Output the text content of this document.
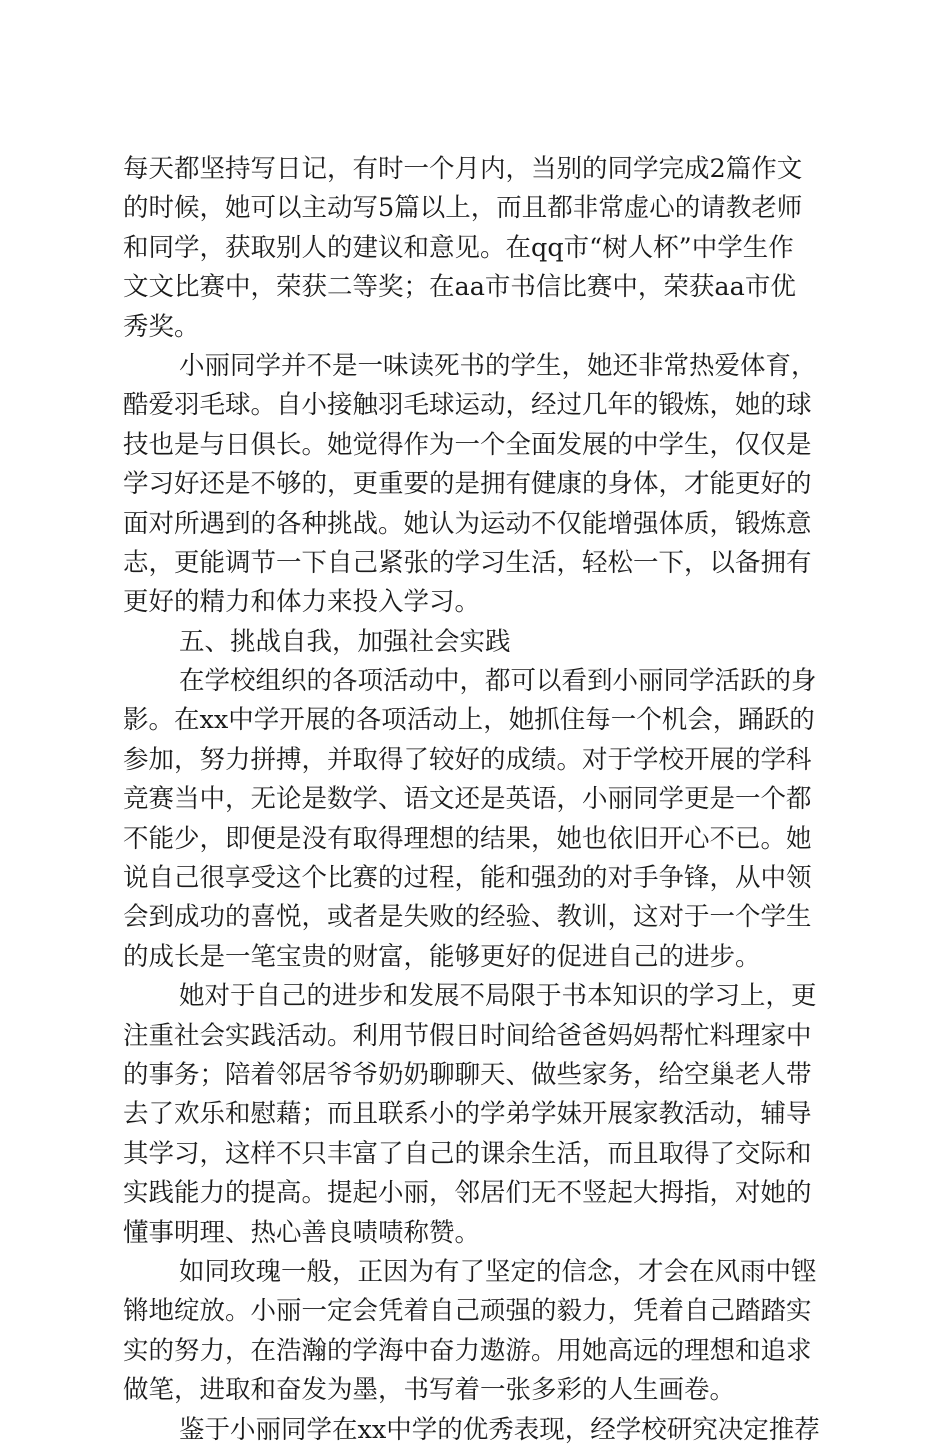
每天都坚持写日记，有时一个月内，当别的同学完成2篇作文
的时候，她可以主动写5篇以上，而且都非常虚心的请教老师
和同学，获取别人的建议和意见。在qq市“树人杯”中学生作
文文比赛中，荣获二等奖；在aa市书信比赛中，荣获aa市优
秀奖。
小丽同学并不是一味读死书的学生，她还非常热爱体育，
酷爱羽毛球。自小接触羽毛球运动，经过几年的锻炼，她的球
技也是与日俱长。她觉得作为一个全面发展的中学生，仅仅是
学习好还是不够的，更重要的是拥有健康的身体，才能更好的
面对所遇到的各种挑战。她认为运动不仅能增强体质，锻炼意
志，更能调节一下自己紧张的学习生活，轻松一下，以备拥有
更好的精力和体力来投入学习。
五、挑战自我，加强社会实践
在学校组织的各项活动中，都可以看到小丽同学活跃的身
影。在xx中学开展的各项活动上，她抓住每一个机会，踊跃的
参加，努力拼搏，并取得了较好的成绩。对于学校开展的学科
竞赛当中，无论是数学、语文还是英语，小丽同学更是一个都
不能少，即便是没有取得理想的结果，她也依旧开心不已。她
说自己很享受这个比赛的过程，能和强劲的对手争锋，从中领
会到成功的喜悦，或者是失败的经验、教训，这对于一个学生
的成长是一笔宝贵的财富，能够更好的促进自己的进步。
她对于自己的进步和发展不局限于书本知识的学习上，更
注重社会实践活动。利用节假日时间给爸爸妈妈帮忙料理家中
的事务；陪着邻居爷爷奶奶聊聊天、做些家务，给空巢老人带
去了欢乐和慰藉；而且联系小的学弟学妹开展家教活动，辅导
其学习，这样不只丰富了自己的课余生活，而且取得了交际和
实践能力的提高。提起小丽，邻居们无不竖起大拇指，对她的
懂事明理、热心善良啧啧称赞。
如同玫瑰一般，正因为有了坚定的信念，才会在风雨中铿
锵地绽放。小丽一定会凭着自己顽强的毅力，凭着自己踏踏实
实的努力，在浩瀚的学海中奋力遨游。用她高远的理想和追求
做笔，进取和奋发为墨，书写着一张多彩的人生画卷。
鉴于小丽同学在xx中学的优秀表现，经学校研究决定推荐
